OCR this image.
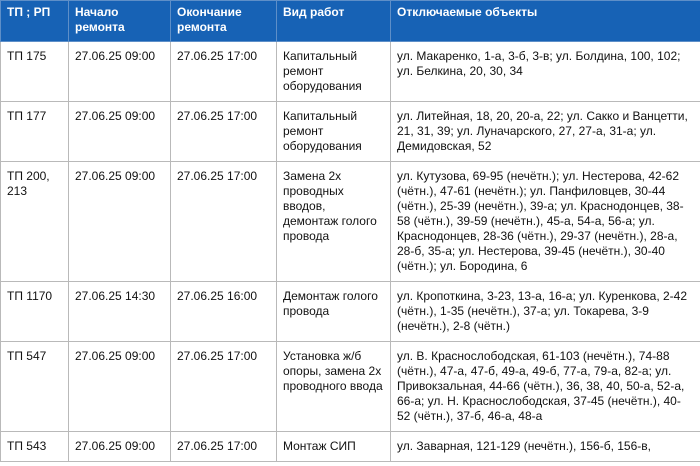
ТП ; РП	Начало ремонта	Окончание ремонта	Вид работ	Отключаемые объекты
ТП 175	27.06.25 09:00	27.06.25 17:00	Капитальный ремонт оборудования	ул. Макаренко, 1-а, 3-б, 3-в; ул. Болдина, 100, 102; ул. Белкина, 20, 30, 34
ТП 177	27.06.25 09:00	27.06.25 17:00	Капитальный ремонт оборудования	ул. Литейная, 18, 20, 20-а, 22; ул. Сакко и Ванцетти, 21, 31, 39; ул. Луначарского, 27, 27-а, 31-а; ул. Демидовская, 52
ТП 200, 213	27.06.25 09:00	27.06.25 17:00	Замена 2х проводных вводов, демонтаж голого провода	ул. Кутузова, 69-95 (нечётн.); ул. Нестерова, 42-62 (чётн.), 47-61 (нечётн.); ул. Панфиловцев, 30-44 (чётн.), 25-39 (нечётн.), 39-а; ул. Краснодонцев, 38-58 (чётн.), 39-59 (нечётн.), 45-а, 54-а, 56-а; ул. Краснодонцев, 28-36 (чётн.), 29-37 (нечётн.), 28-а, 28-б, 35-а; ул. Нестерова, 39-45 (нечётн.), 30-40 (чётн.); ул. Бородина, 6
ТП 1170	27.06.25 14:30	27.06.25 16:00	Демонтаж голого провода	ул. Кропоткина, 3-23, 13-а, 16-а; ул. Куренкова, 2-42 (чётн.), 1-35 (нечётн.), 37-а; ул. Токарева, 3-9 (нечётн.), 2-8 (чётн.)
ТП 547	27.06.25 09:00	27.06.25 17:00	Установка ж/б опоры, замена 2х проводного ввода	ул. В. Краснослободская, 61-103 (нечётн.), 74-88 (чётн.), 47-а, 47-б, 49-а, 49-б, 77-а, 79-а, 82-а; ул. Привокзальная, 44-66 (чётн.), 36, 38, 40, 50-а, 52-а, 66-а; ул. Н. Краснослободская, 37-45 (нечётн.), 40-52 (чётн.), 37-б, 46-а, 48-а
ТП 543	27.06.25 09:00	27.06.25 17:00	Монтаж СИП	ул. Заварная, 121-129 (нечётн.), 156-б, 156-в,
